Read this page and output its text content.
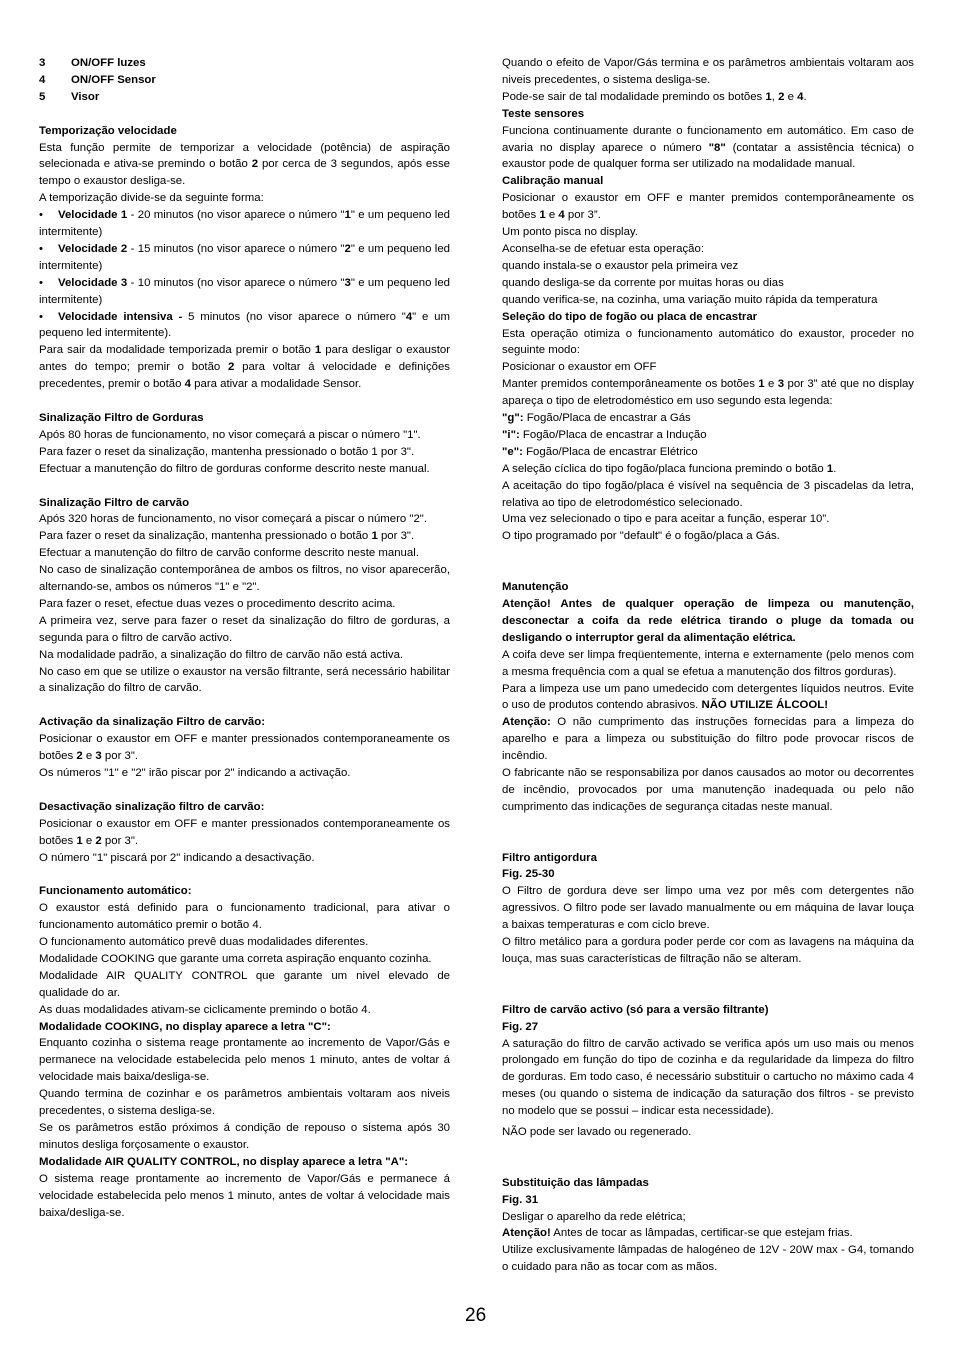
3 ON/OFF luzes

4 ON/OFF Sensor

5 Visor

Temporização velocidade

Esta função permite de temporizar a velocidade (potência) de aspiração selecionada e ativa-se premindo o botão 2 por cerca de 3 segundos, após esse tempo o exaustor desliga-se.

A temporização divide-se da seguinte forma:

• Velocidade 1 - 20 minutos (no visor aparece o número "1" e um pequeno led intermitente)

• Velocidade 2 - 15 minutos (no visor aparece o número "2" e um pequeno led intermitente)

• Velocidade 3 - 10 minutos (no visor aparece o número "3" e um pequeno led intermitente)

• Velocidade intensiva - 5 minutos (no visor aparece o número "4" e um pequeno led intermitente).

Para sair da modalidade temporizada premir o botão 1 para desligar o exaustor antes do tempo; premir o botão 2 para voltar á velocidade e definições precedentes, premir o botão 4 para ativar a modalidade Sensor.

Sinalização Filtro de Gorduras

Após 80 horas de funcionamento, no visor começará a piscar o número "1".

Para fazer o reset da sinalização, mantenha pressionado o botão 1 por 3".

Efectuar a manutenção do filtro de gorduras conforme descrito neste manual.

Sinalização Filtro de carvão

Após 320 horas de funcionamento, no visor começará a piscar o número "2".

Para fazer o reset da sinalização, mantenha pressionado o botão 1 por 3".

Efectuar a manutenção do filtro de carvão conforme descrito neste manual.

No caso de sinalização contemporânea de ambos os filtros, no visor aparecerão, alternando-se, ambos os números "1" e "2".

Para fazer o reset, efectue duas vezes o procedimento descrito acima.

A primeira vez, serve para fazer o reset da sinalização do filtro de gorduras, a segunda para o filtro de carvão activo.

Na modalidade padrão, a sinalização do filtro de carvão não está activa.

No caso em que se utilize o exaustor na versão filtrante, será necessário habilitar a sinalização do filtro de carvão.

Activação da sinalização Filtro de carvão:

Posicionar o exaustor em OFF e manter pressionados contemporaneamente os botões 2 e 3 por 3".

Os números "1" e "2" irão piscar por 2" indicando a activação.

Desactivação sinalização filtro de carvão:

Posicionar o exaustor em OFF e manter pressionados contemporaneamente os botões 1 e 2 por 3".

O número "1" piscará por 2" indicando a desactivação.

Funcionamento automático:

O exaustor está definido para o funcionamento tradicional, para ativar o funcionamento automático premir o botão 4.

O funcionamento automático prevê duas modalidades diferentes.

Modalidade COOKING que garante uma correta aspiração enquanto cozinha.

Modalidade AIR QUALITY CONTROL que garante um nivel elevado de qualidade do ar.

As duas modalidades ativam-se ciclicamente premindo o botão 4.

Modalidade COOKING, no display aparece a letra "C":

Enquanto cozinha o sistema reage prontamente ao incremento de Vapor/Gás e permanece na velocidade estabelecida pelo menos 1 minuto, antes de voltar á velocidade mais baixa/desliga-se.

Quando termina de cozinhar e os parâmetros ambientais voltaram aos niveis precedentes, o sistema desliga-se.

Se os parâmetros estão próximos á condição de repouso o sistema após 30 minutos desliga forçosamente o exaustor.

Modalidade AIR QUALITY CONTROL, no display aparece a letra "A":

O sistema reage prontamente ao incremento de Vapor/Gás e permanece á velocidade estabelecida pelo menos 1 minuto, antes de voltar á velocidade mais baixa/desliga-se.

Quando o efeito de Vapor/Gás termina e os parâmetros ambientais voltaram aos niveis precedentes, o sistema desliga-se.

Pode-se sair de tal modalidade premindo os botões 1, 2 e 4.

Teste sensores

Funciona continuamente durante o funcionamento em automático. Em caso de avaria no display aparece o número "8" (contatar a assistência técnica) o exaustor pode de qualquer forma ser utilizado na modalidade manual.

Calibração manual

Posicionar o exaustor em OFF e manter premidos contemporâneamente os botões 1 e 4 por 3”.

Um ponto pisca no display.

Aconselha-se de efetuar esta operação:

quando instala-se o exaustor pela primeira vez

quando desliga-se da corrente por muitas horas ou dias

quando verifica-se, na cozinha, uma variação muito rápida da temperatura

Seleção do tipo de fogão ou placa de encastrar

Esta operação otimiza o funcionamento automático do exaustor, proceder no seguinte modo:

Posicionar o exaustor em OFF

Manter premidos contemporâneamente os botões 1 e 3 por 3” até que no display apareça o tipo de eletrodoméstico em uso segundo esta legenda:

"g": Fogão/Placa de encastrar a Gás

"i": Fogão/Placa de encastrar a Indução

"e": Fogão/Placa de encastrar Elétrico

A seleção cíclica do tipo fogão/placa funciona premindo o botão 1.

A aceitação do tipo fogão/placa é visível na sequência de 3 piscadelas da letra, relativa ao tipo de eletrodoméstico selecionado.

Uma vez selecionado o tipo e para aceitar a função, esperar 10”.

O tipo programado por "default" é o fogão/placa a Gás.

Manutenção

Atenção! Antes de qualquer operação de limpeza ou manutenção, desconectar a coifa da rede elétrica tirando o pluge da tomada ou desligando o interruptor geral da alimentação elétrica.

A coifa deve ser limpa freqüentemente, interna e externamente (pelo menos com a mesma frequência com a qual se efetua a manutenção dos filtros gorduras).

Para a limpeza use um pano umedecido com detergentes líquidos neutros. Evite o uso de produtos contendo abrasivos. NÃO UTILIZE ÁLCOOL!

Atenção: O não cumprimento das instruções fornecidas para a limpeza do aparelho e para a limpeza ou substituição do filtro pode provocar riscos de incêndio.

O fabricante não se responsabiliza por danos causados ao motor ou decorrentes de incêndio, provocados por uma manutenção inadequada ou pelo não cumprimento das indicações de segurança citadas neste manual.

Filtro antigordura
Fig. 25-30

O Filtro de gordura deve ser limpo uma vez por mês com detergentes não agressivos. O filtro pode ser lavado manualmente ou em máquina de lavar louça a baixas temperaturas e com ciclo breve.

O filtro metálico para a gordura poder perde cor com as lavagens na máquina da louça, mas suas características de filtração não se alteram.

Filtro de carvão activo (só para a versão filtrante)
Fig. 27

A saturação do filtro de carvão activado se verifica após um uso mais ou menos prolongado em função do tipo de cozinha e da regularidade da limpeza do filtro de gorduras. Em todo caso, é necessário substituir o cartucho no máximo cada 4 meses (ou quando o sistema de indicação da saturação dos filtros - se previsto no modelo que se possui – indicar esta necessidade).

NÃO pode ser lavado ou regenerado.

Substituição das lâmpadas
Fig. 31

Desligar o aparelho da rede elétrica;

Atenção! Antes de tocar as lâmpadas, certificar-se que estejam frias.

Utilize exclusivamente lâmpadas de halogéneo de 12V - 20W max - G4, tomando o cuidado para não as tocar com as mãos.

26
